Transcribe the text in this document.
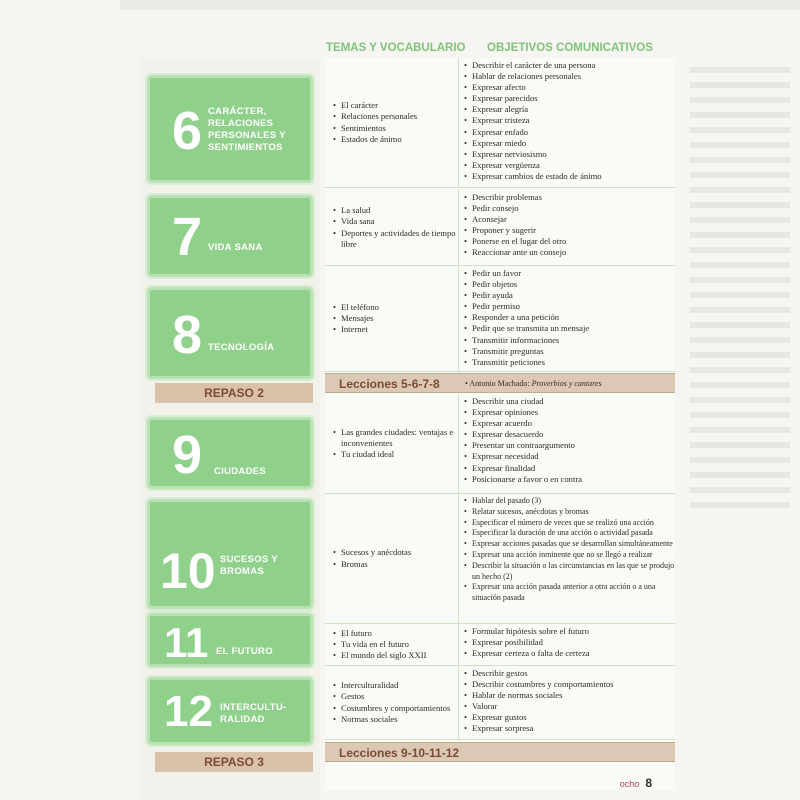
TEMAS Y VOCABULARIO OBJETIVOS COMUNICATIVOS
6 CARÁCTER, RELACIONES PERSONALES Y SENTIMIENTOS
• El carácter
• Relaciones personales
• Sentimientos
• Estados de ánimo
• Describir el carácter de una persona
• Hablar de relaciones personales
• Expresar afecto
• Expresar parecidos
• Expresar alegría
• Expresar tristeza
• Expresar enfado
• Expresar miedo
• Expresar nerviosismo
• Expresar vergüenza
• Expresar cambios de estado de ánimo
7 VIDA SANA
• La salud
• Vida sana
• Deportes y actividades de tiempo libre
• Describir problemas
• Pedir consejo
• Aconsejar
• Proponer y sugerir
• Ponerse en el lugar del otro
• Reaccionar ante un consejo
8 TECNOLOGÍA
• El teléfono
• Mensajes
• Internet
• Pedir un favor
• Pedir objetos
• Pedir ayuda
• Pedir permiso
• Responder a una petición
• Pedir que se transmita un mensaje
• Transmitir informaciones
• Transmitir preguntas
• Transmitir peticiones
REPASO 2
Lecciones 5-6-7-8	• Antonio Machado: Proverbios y cantares
9 CIUDADES
• Las grandes ciudades: ventajas e inconvenientes
• Tu ciudad ideal
• Describir una ciudad
• Expresar opiniones
• Expresar acuerdo
• Expresar desacuerdo
• Presentar un contraargumento
• Expresar necesidad
• Expresar finalidad
• Posicionarse a favor o en contra
10 SUCESOS Y BROMAS
• Sucesos y anécdotas
• Bromas
• Hablar del pasado (3)
• Relatar sucesos, anécdotas y bromas
• Especificar el número de veces que se realizó una acción
• Especificar la duración de una acción o actividad pasada
• Expresar acciones pasadas que se desarrollan simultáneamente
• Expresar una acción inminente que no se llegó a realizar
• Describir la situación o las circunstancias en las que se produjo un hecho (2)
• Expresar una acción pasada anterior a otra acción o a una situación pasada
11 EL FUTURO
• El futuro
• Tu vida en el futuro
• El mundo del siglo XXII
• Formular hipótesis sobre el futuro
• Expresar posibilidad
• Expresar certeza o falta de certeza
12 INTERCULTU-RALIDAD
• Interculturalidad
• Gestos
• Costumbres y comportamientos
• Normas sociales
• Describir gestos
• Describir costumbres y comportamientos
• Hablar de normas sociales
• Valorar
• Expresar gustos
• Expresar sorpresa
REPASO 3
Lecciones 9-10-11-12
ocho 8
